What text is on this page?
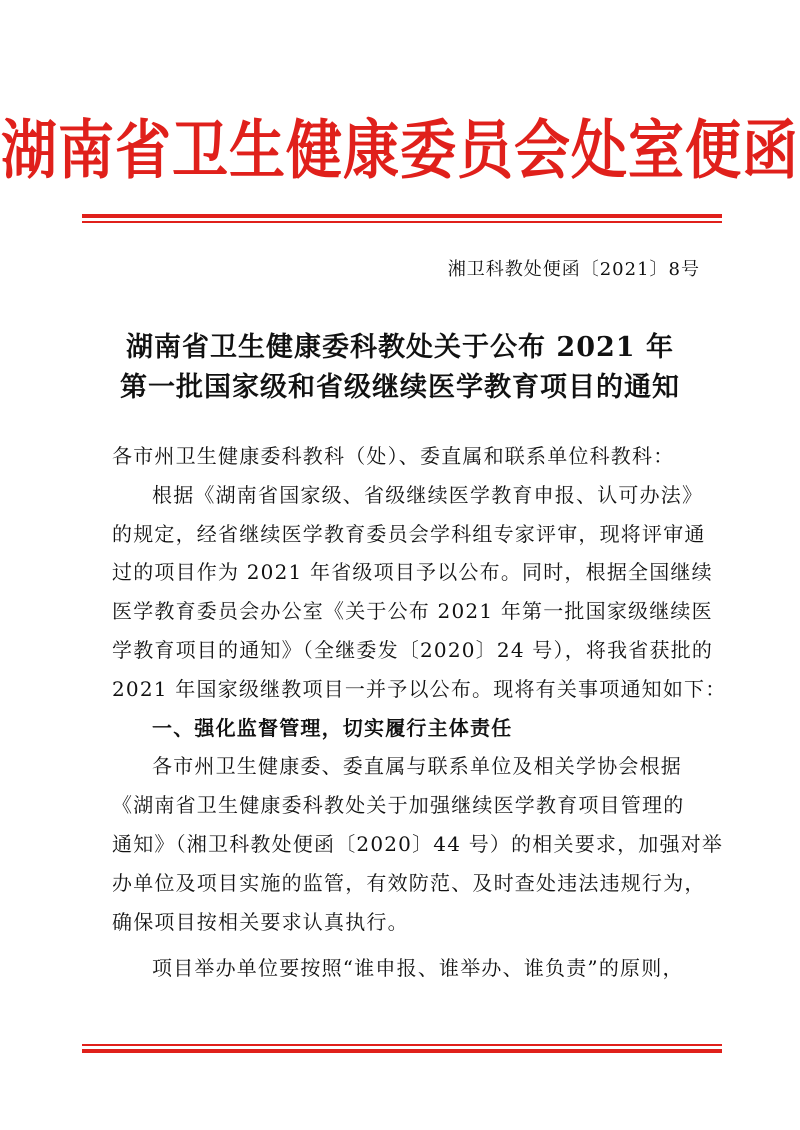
湖南省卫生健康委员会处室便函
湘卫科教处便函〔2021〕8号
湖南省卫生健康委科教处关于公布 2021 年
第一批国家级和省级继续医学教育项目的通知
各市州卫生健康委科教科（处）、委直属和联系单位科教科：
根据《湖南省国家级、省级继续医学教育申报、认可办法》
的规定，经省继续医学教育委员会学科组专家评审，现将评审通
过的项目作为 2021 年省级项目予以公布。同时，根据全国继续
医学教育委员会办公室《关于公布 2021 年第一批国家级继续医
学教育项目的通知》（全继委发〔2020〕24 号），将我省获批的
2021 年国家级继教项目一并予以公布。现将有关事项通知如下：
一、强化监督管理，切实履行主体责任
各市州卫生健康委、委直属与联系单位及相关学协会根据
《湖南省卫生健康委科教处关于加强继续医学教育项目管理的
通知》（湘卫科教处便函〔2020〕44 号）的相关要求，加强对举
办单位及项目实施的监管，有效防范、及时查处违法违规行为，
确保项目按相关要求认真执行。
项目举办单位要按照“谁申报、谁举办、谁负责”的原则，
